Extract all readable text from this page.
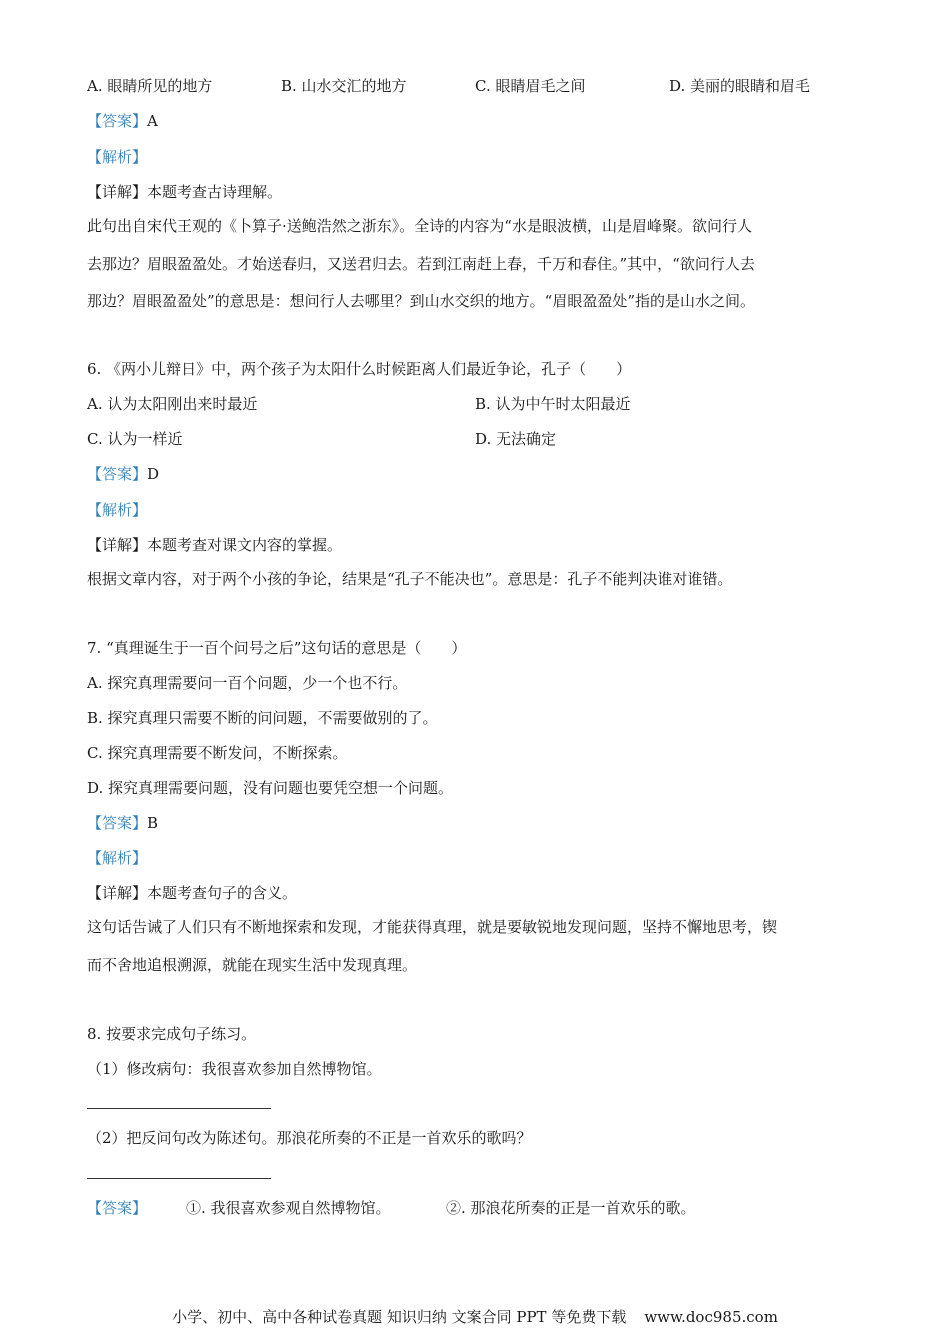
A. 眼睛所见的地方	B. 山水交汇的地方	C. 眼睛眉毛之间	D. 美丽的眼睛和眉毛
【答案】A
【解析】
【详解】本题考查古诗理解。
此句出自宋代王观的《卜算子·送鲍浩然之浙东》。全诗的内容为“水是眼波横，山是眉峰聚。欲问行人
去那边？眉眼盈盈处。才始送春归，又送君归去。若到江南赶上春，千万和春住。”其中，“欲问行人去
那边？眉眼盈盈处”的意思是：想问行人去哪里？到山水交织的地方。“眉眼盈盈处”指的是山水之间。
6. 《两小儿辩日》中，两个孩子为太阳什么时候距离人们最近争论，孔子（　　）
A. 认为太阳刚出来时最近	B. 认为中午时太阳最近
C. 认为一样近	D. 无法确定
【答案】D
【解析】
【详解】本题考查对课文内容的掌握。
根据文章内容，对于两个小孩的争论，结果是“孔子不能决也”。意思是：孔子不能判决谁对谁错。
7. “真理诞生于一百个问号之后”这句话的意思是（　　）
A. 探究真理需要问一百个问题，少一个也不行。
B. 探究真理只需要不断的问问题，不需要做别的了。
C. 探究真理需要不断发问，不断探索。
D. 探究真理需要问题，没有问题也要凭空想一个问题。
【答案】B
【解析】
【详解】本题考查句子的含义。
这句话告诫了人们只有不断地探索和发现，才能获得真理，就是要敏锐地发现问题，坚持不懈地思考，锲
而不舍地追根溯源，就能在现实生活中发现真理。
8. 按要求完成句子练习。
（1）修改病句：我很喜欢参加自然博物馆。
（2）把反问句改为陈述句。那浪花所奏的不正是一首欢乐的歌吗？
【答案】	①. 我很喜欢参观自然博物馆。	②. 那浪花所奏的正是一首欢乐的歌。
小学、初中、高中各种试卷真题 知识归纳 文案合同 PPT 等免费下载 www.doc985.com
